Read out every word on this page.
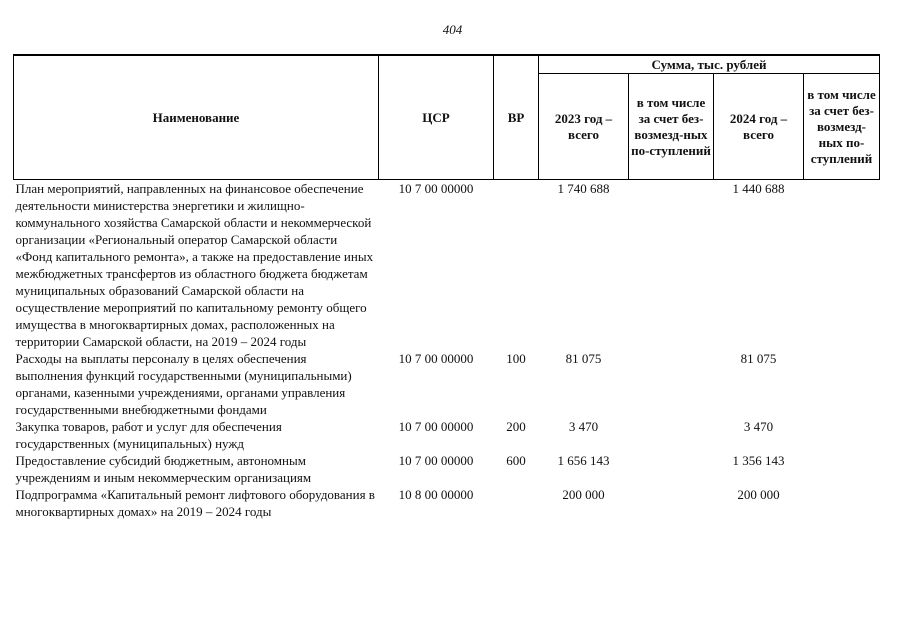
404
Наименование	ЦСР	ВР	Сумма, тыс. рублей			
			2023 год – всего	в том числе за счет без-возмезд-ных по-ступлений	2024 год – всего	в том числе за счет без-возмезд-ных по-ступлений
План мероприятий, направленных на финансовое обеспечение деятельности министерства энергетики и жилищно-коммунального хозяйства Самарской области и некоммерческой организации «Региональный оператор Самарской области «Фонд капитального ремонта», а также на предоставление иных межбюджетных трансфертов из областного бюджета бюджетам муниципальных образований Самарской области на осуществление мероприятий по капитальному ремонту общего имущества в многоквартирных домах, расположенных на территории Самарской области, на 2019 – 2024 годы	10 7 00 00000		1 740 688		1 440 688	
Расходы на выплаты персоналу в целях обеспечения выполнения функций государственными (муниципальными) органами, казенными учреждениями, органами управления государственными внебюджетными фондами	10 7 00 00000	100	81 075		81 075	
Закупка товаров, работ и услуг для обеспечения государственных (муниципальных) нужд	10 7 00 00000	200	3 470		3 470	
Предоставление субсидий бюджетным, автономным учреждениям и иным некоммерческим организациям	10 7 00 00000	600	1 656 143		1 356 143	
Подпрограмма «Капитальный ремонт лифтового оборудования в многоквартирных домах» на 2019 – 2024 годы	10 8 00 00000		200 000		200 000	
